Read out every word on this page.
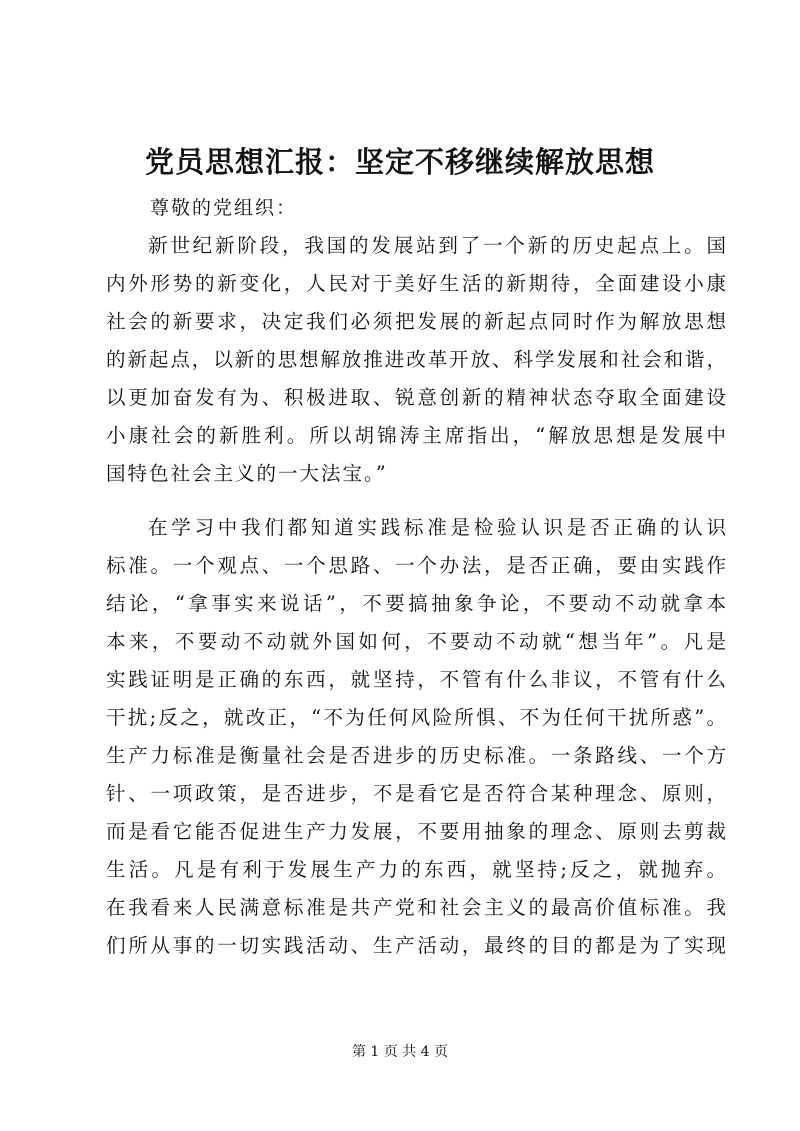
党员思想汇报：坚定不移继续解放思想
尊敬的党组织：
新世纪新阶段，我国的发展站到了一个新的历史起点上。国
内外形势的新变化，人民对于美好生活的新期待，全面建设小康
社会的新要求，决定我们必须把发展的新起点同时作为解放思想
的新起点，以新的思想解放推进改革开放、科学发展和社会和谐，
以更加奋发有为、积极进取、锐意创新的精神状态夺取全面建设
小康社会的新胜利。所以胡锦涛主席指出，“解放思想是发展中
国特色社会主义的一大法宝。”
在学习中我们都知道实践标准是检验认识是否正确的认识
标准。一个观点、一个思路、一个办法，是否正确，要由实践作
结论，“拿事实来说话”，不要搞抽象争论，不要动不动就拿本
本来，不要动不动就外国如何，不要动不动就“想当年”。凡是
实践证明是正确的东西，就坚持，不管有什么非议，不管有什么
干扰;反之，就改正，“不为任何风险所惧、不为任何干扰所惑”。
生产力标准是衡量社会是否进步的历史标准。一条路线、一个方
针、一项政策，是否进步，不是看它是否符合某种理念、原则，
而是看它能否促进生产力发展，不要用抽象的理念、原则去剪裁
生活。凡是有利于发展生产力的东西，就坚持;反之，就抛弃。
在我看来人民满意标准是共产党和社会主义的最高价值标准。我
们所从事的一切实践活动、生产活动，最终的目的都是为了实现
第 1 页 共 4 页
